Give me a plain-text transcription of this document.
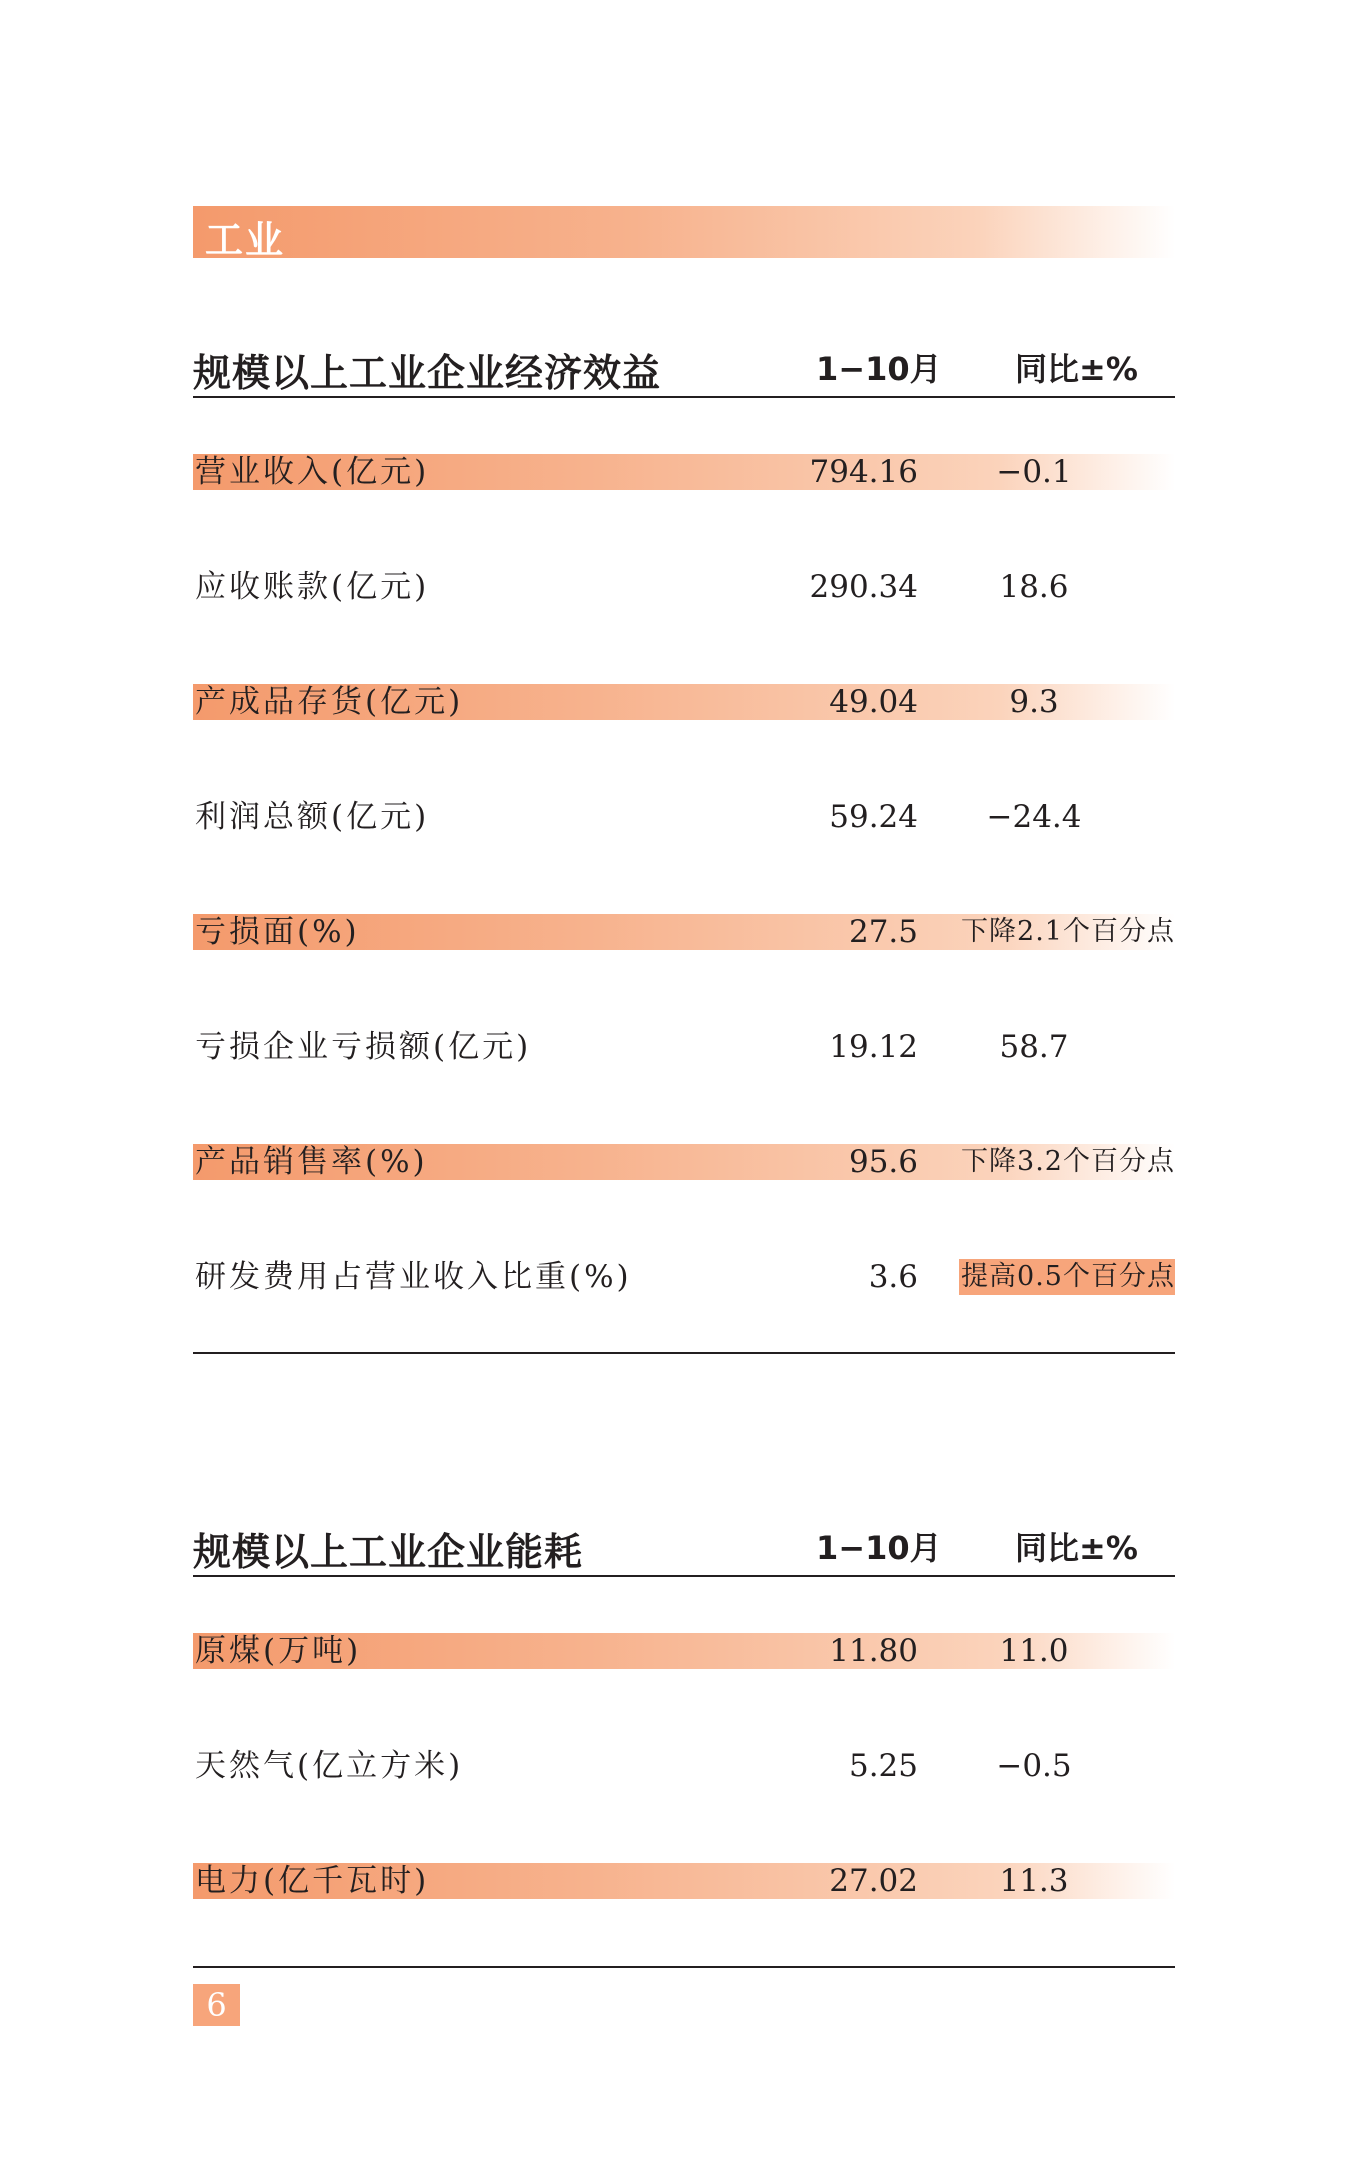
工业
规模以上工业企业经济效益	1−10月 同比±%
营业收入(亿元)	794.16	−0.1
应收账款(亿元)	290.34	18.6
产成品存货(亿元)	49.04	9.3
利润总额(亿元)	59.24	−24.4
亏损面(%)	27.5 下降2.1个百分点
亏损企业亏损额(亿元)	19.12	58.7
产品销售率(%)	95.6 下降3.2个百分点
研发费用占营业收入比重(%)	3.6 提高0.5个百分点
规模以上工业企业能耗	1−10月 同比±%
原煤(万吨)	11.80	11.0
天然气(亿立方米)	5.25	−0.5
电力(亿千瓦时)	27.02	11.3
6
